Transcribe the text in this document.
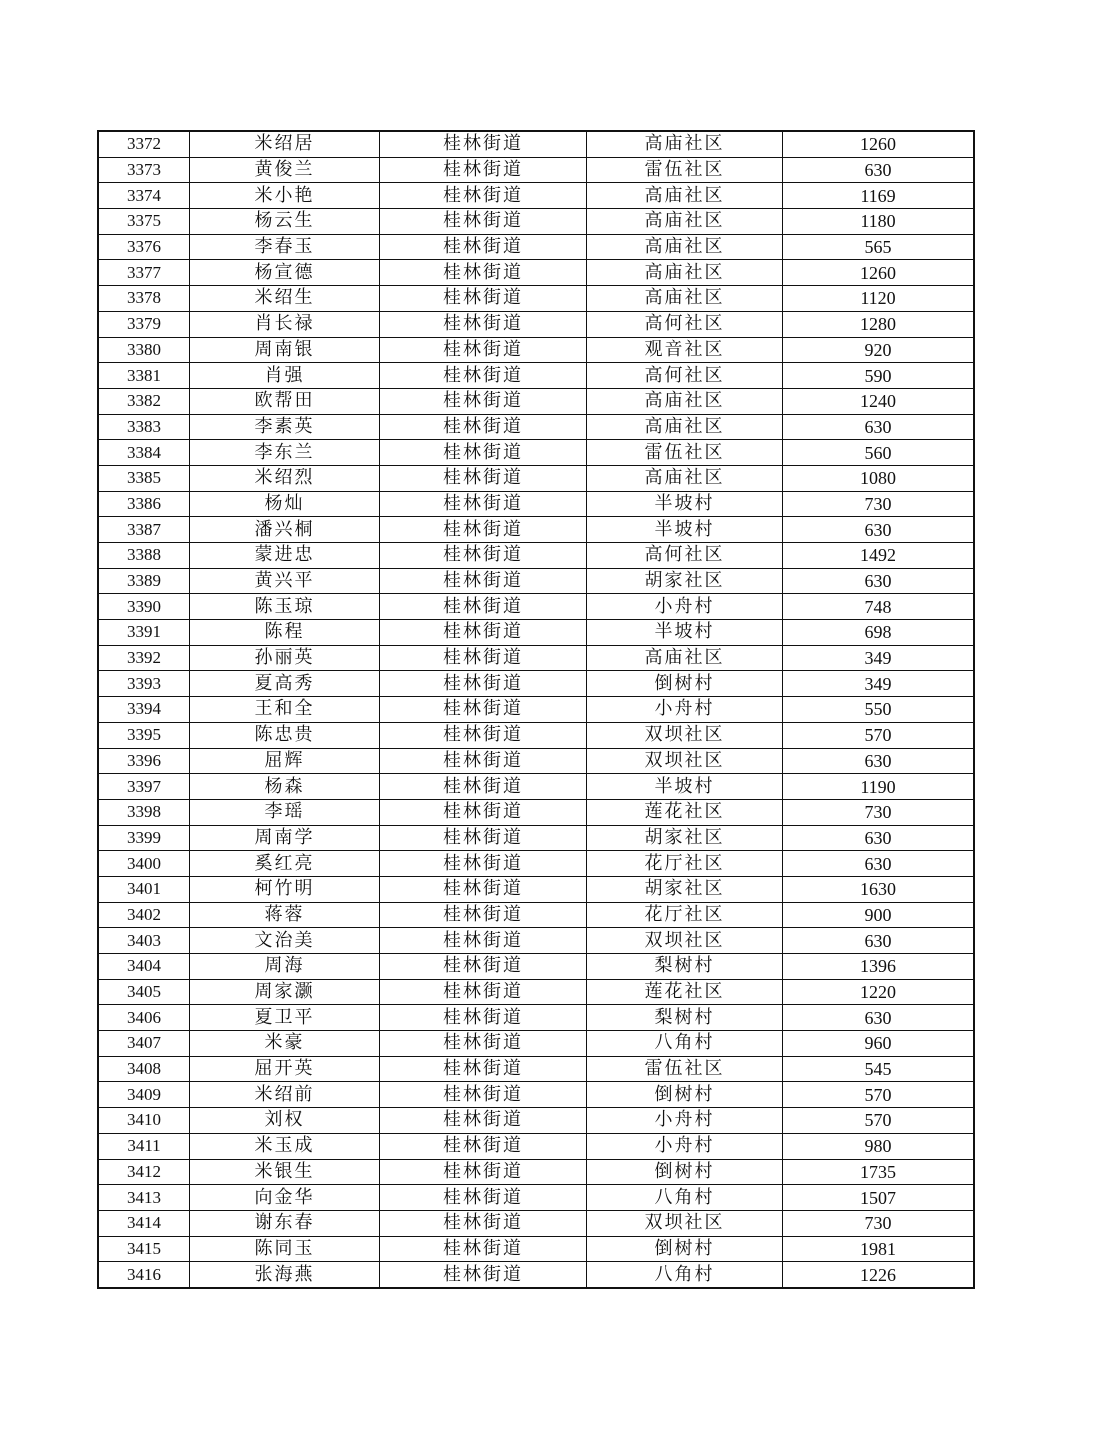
3372	米绍居	桂林街道	高庙社区	1260
3373	黄俊兰	桂林街道	雷伍社区	630
3374	米小艳	桂林街道	高庙社区	1169
3375	杨云生	桂林街道	高庙社区	1180
3376	李春玉	桂林街道	高庙社区	565
3377	杨宣德	桂林街道	高庙社区	1260
3378	米绍生	桂林街道	高庙社区	1120
3379	肖长禄	桂林街道	高何社区	1280
3380	周南银	桂林街道	观音社区	920
3381	肖强	桂林街道	高何社区	590
3382	欧帮田	桂林街道	高庙社区	1240
3383	李素英	桂林街道	高庙社区	630
3384	李东兰	桂林街道	雷伍社区	560
3385	米绍烈	桂林街道	高庙社区	1080
3386	杨灿	桂林街道	半坡村	730
3387	潘兴桐	桂林街道	半坡村	630
3388	蒙进忠	桂林街道	高何社区	1492
3389	黄兴平	桂林街道	胡家社区	630
3390	陈玉琼	桂林街道	小舟村	748
3391	陈程	桂林街道	半坡村	698
3392	孙丽英	桂林街道	高庙社区	349
3393	夏高秀	桂林街道	倒树村	349
3394	王和全	桂林街道	小舟村	550
3395	陈忠贵	桂林街道	双坝社区	570
3396	屈辉	桂林街道	双坝社区	630
3397	杨森	桂林街道	半坡村	1190
3398	李瑶	桂林街道	莲花社区	730
3399	周南学	桂林街道	胡家社区	630
3400	奚红亮	桂林街道	花厅社区	630
3401	柯竹明	桂林街道	胡家社区	1630
3402	蒋蓉	桂林街道	花厅社区	900
3403	文治美	桂林街道	双坝社区	630
3404	周海	桂林街道	梨树村	1396
3405	周家灏	桂林街道	莲花社区	1220
3406	夏卫平	桂林街道	梨树村	630
3407	米豪	桂林街道	八角村	960
3408	屈开英	桂林街道	雷伍社区	545
3409	米绍前	桂林街道	倒树村	570
3410	刘权	桂林街道	小舟村	570
3411	米玉成	桂林街道	小舟村	980
3412	米银生	桂林街道	倒树村	1735
3413	向金华	桂林街道	八角村	1507
3414	谢东春	桂林街道	双坝社区	730
3415	陈同玉	桂林街道	倒树村	1981
3416	张海燕	桂林街道	八角村	1226
